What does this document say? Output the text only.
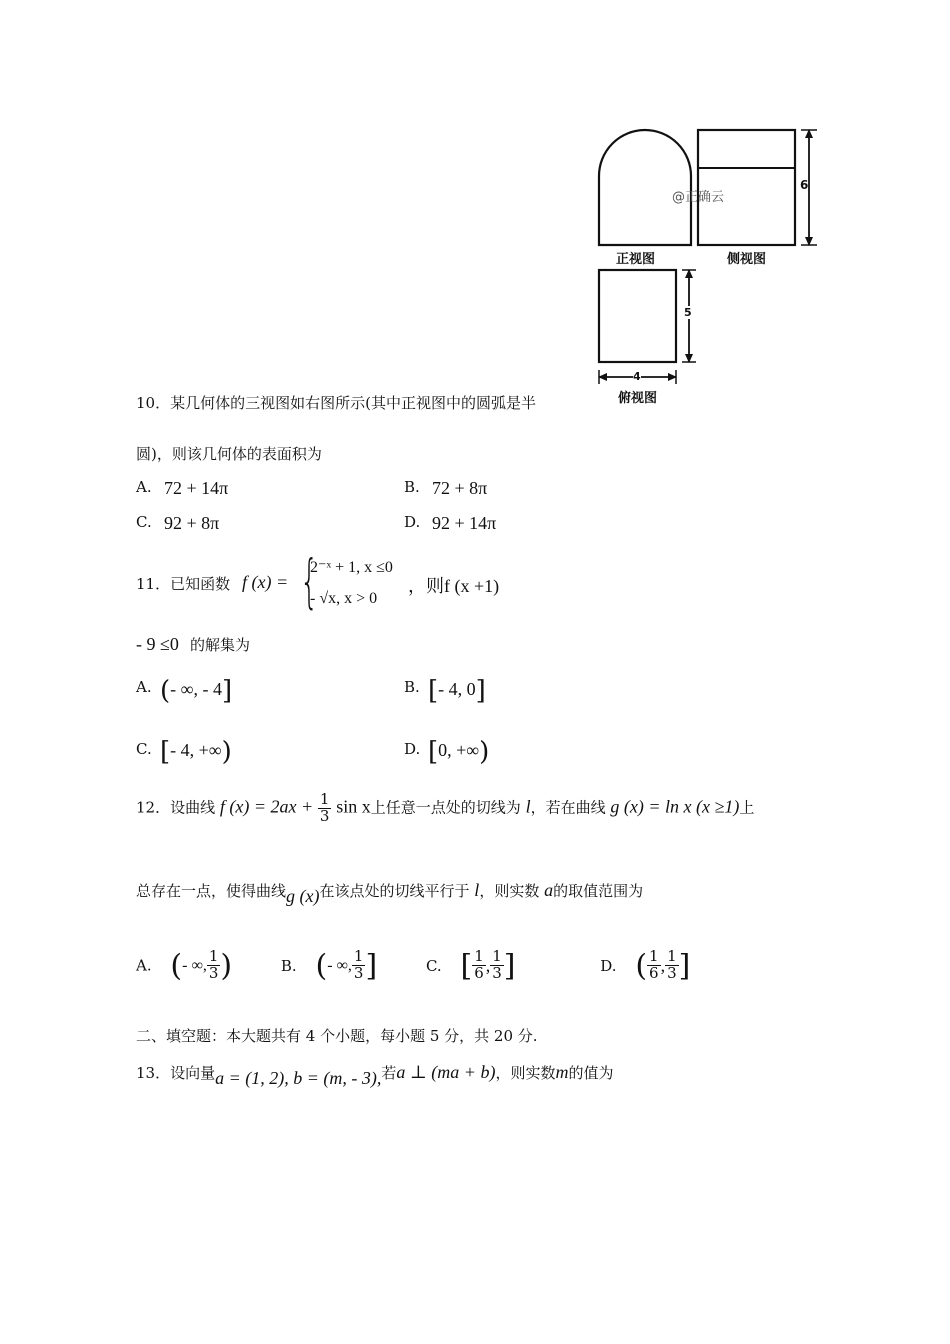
正视图	侧视图
俯视图
6
5
4
@正确云
10．某几何体的三视图如右图所示(其中正视图中的圆弧是半
圆)，则该几何体的表面积为
A. 72 + 14π	B. 72 + 8π
C. 92 + 8π	D. 92 + 14π
11．已知函数 f (x) = {
2⁻ˣ + 1, x ≤0
- √x, x > 0
，则f (x +1)
- 9 ≤0 的解集为
A. (- ∞, - 4]	B. [- 4, 0]
C. [- 4, +∞)	D. [0, +∞)
12．设曲线 f $(x) = 2ax + \frac{1}{3}$ sin x上任意一点处的切线为 l，若在曲线 g (x) = ln x (x ≥1)上
总存在一点，使得曲线g (x)在该点处的切线平行于 l，则实数 a的取值范围为
A. (- ∞, $\frac{1}{3}$ )	B. (- ∞, $\frac{1}{3}$ ]	C. [ $\frac{1}{6}$ , $\frac{1}{3}$ ]	D. ( $\frac{1}{6}$ , $\frac{1}{3}$ ]
二、填空题：本大题共有 4 个小题，每小题 5 分，共 20 分.
13．设向量a = (1, 2), b = (m, - 3),若a ⊥ (ma + b)，则实数m的值为
